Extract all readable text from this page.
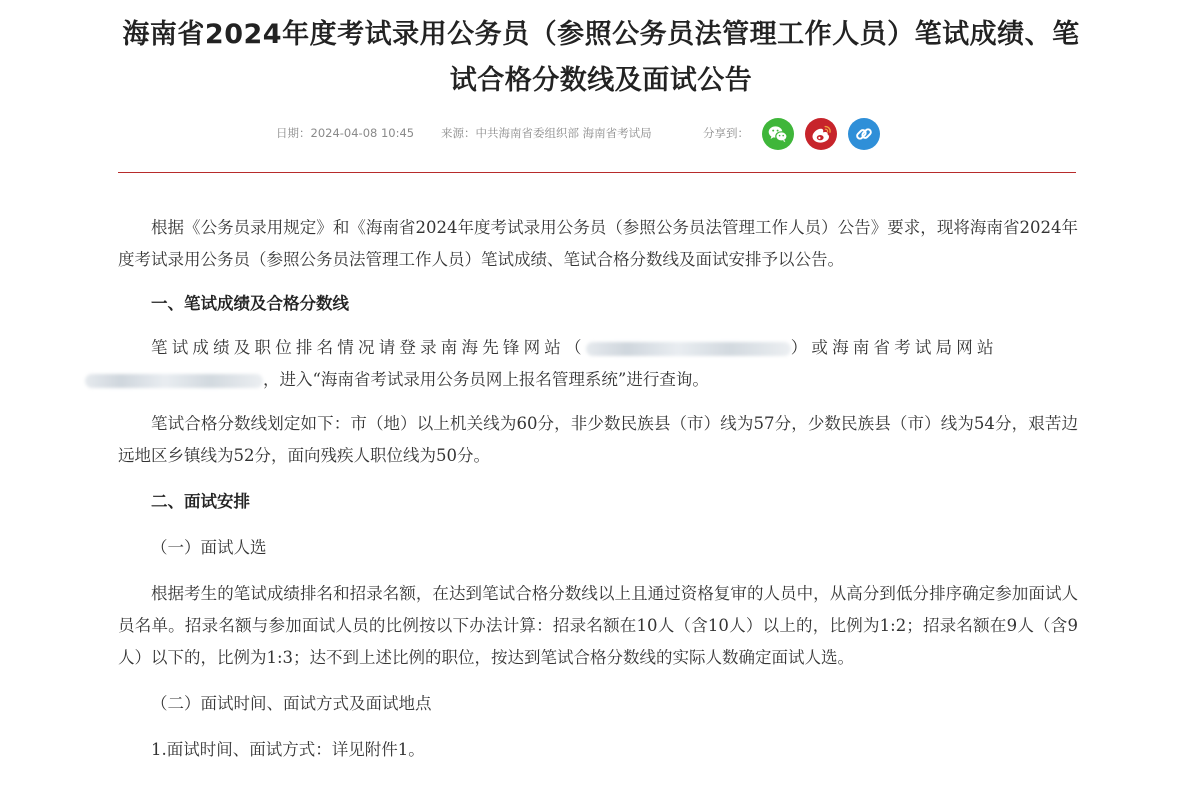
海南省2024年度考试录用公务员（参照公务员法管理工作人员）笔试成绩、笔试合格分数线及面试公告
日期：2024-04-08 10:45 来源：中共海南省委组织部 海南省考试局	分享到：

根据《公务员录用规定》和《海南省2024年度考试录用公务员（参照公务员法管理工作人员）公告》要求，现将海南省2024年度考试录用公务员（参照公务员法管理工作人员）笔试成绩、笔试合格分数线及面试安排予以公告。

一、笔试成绩及合格分数线

笔试成绩及职位排名情况请登录南海先锋网站（	）或海南省考试局网站
，进入“海南省考试录用公务员网上报名管理系统”进行查询。

笔试合格分数线划定如下：市（地）以上机关线为60分，非少数民族县（市）线为57分，少数民族县（市）线为54分，艰苦边远地区乡镇线为52分，面向残疾人职位线为50分。

二、面试安排

（一）面试人选

根据考生的笔试成绩排名和招录名额，在达到笔试合格分数线以上且通过资格复审的人员中，从高分到低分排序确定参加面试人员名单。招录名额与参加面试人员的比例按以下办法计算：招录名额在10人（含10人）以上的，比例为1:2；招录名额在9人（含9人）以下的，比例为1:3；达不到上述比例的职位，按达到笔试合格分数线的实际人数确定面试人选。

（二）面试时间、面试方式及面试地点

1.面试时间、面试方式：详见附件1。
